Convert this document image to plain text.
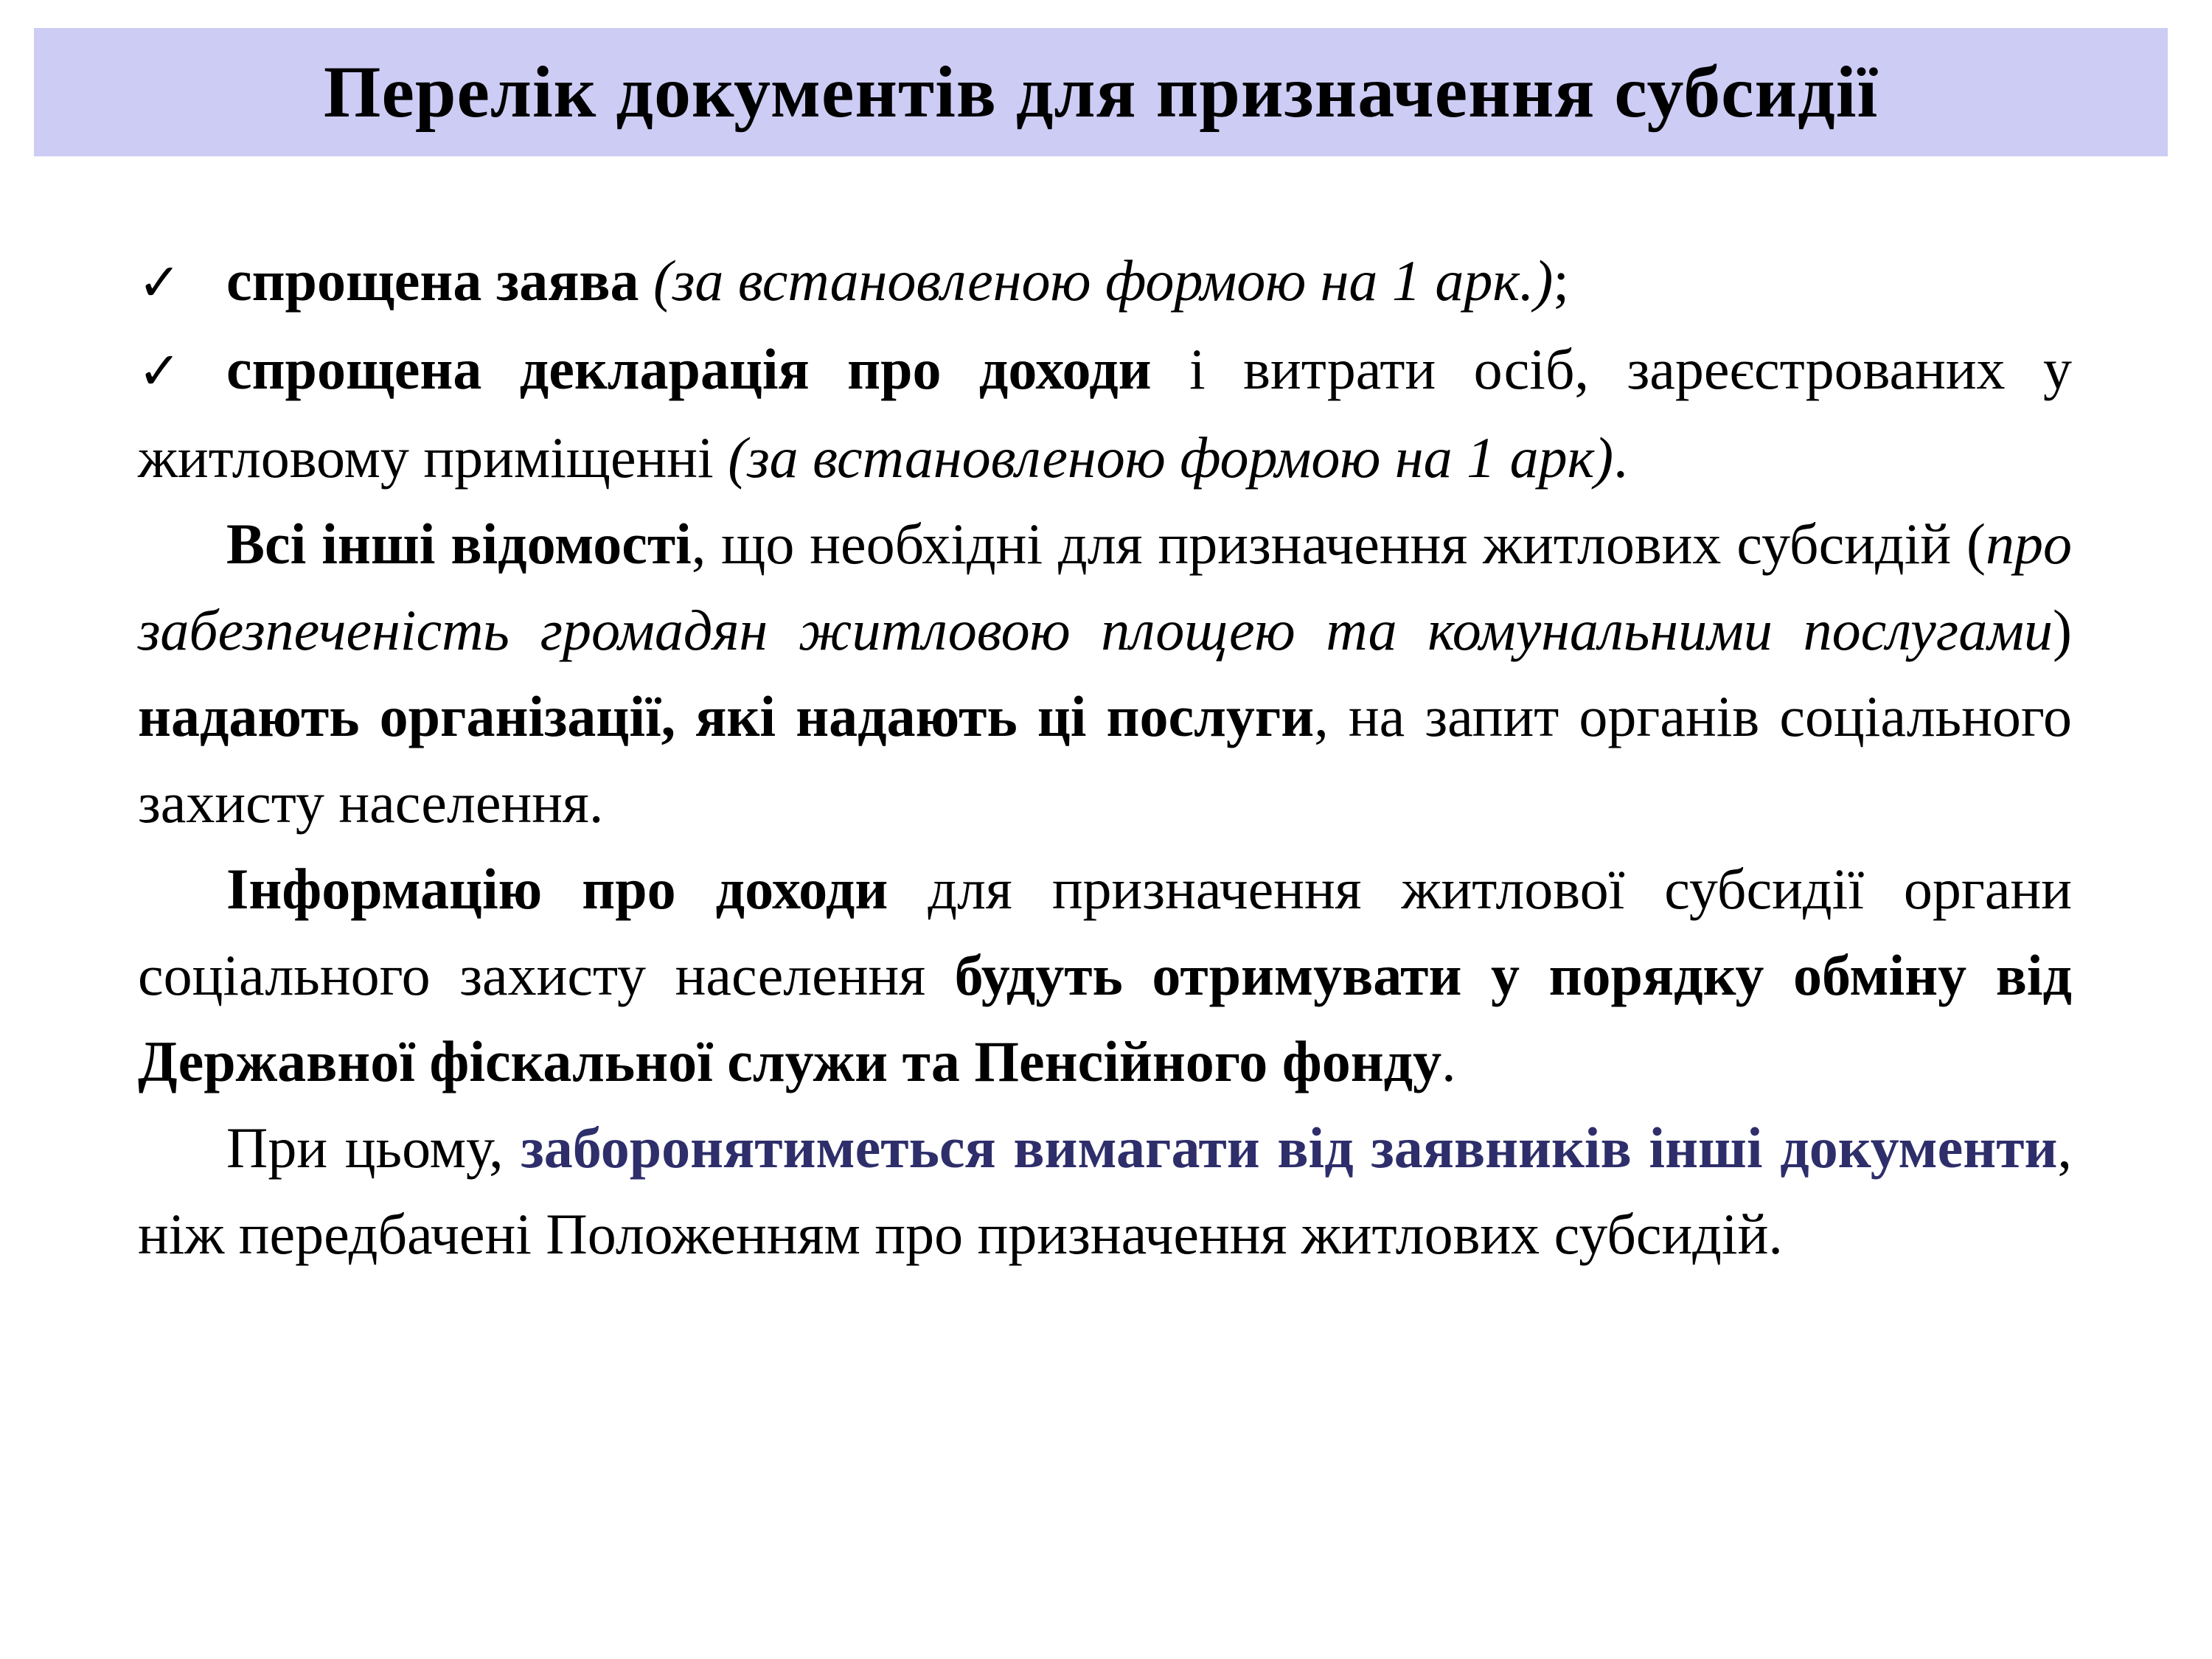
Перелік документів для призначення субсидії

✓ спрощена заява (за встановленою формою на 1 арк.);

✓ спрощена декларація про доходи і витрати осіб, зареєстрованих у житловому приміщенні (за встановленою формою на 1 арк).

Всі інші відомості, що необхідні для призначення житлових субсидій (про забезпеченість громадян житловою площею та комунальними послугами) надають організації, які надають ці послуги, на запит органів соціального захисту населення.

Інформацію про доходи для призначення житлової субсидії органи соціального захисту населення будуть отримувати у порядку обміну від Державної фіскальної служи та Пенсійного фонду.

При цьому, заборонятиметься вимагати від заявників інші документи, ніж передбачені Положенням про призначення житлових субсидій.
